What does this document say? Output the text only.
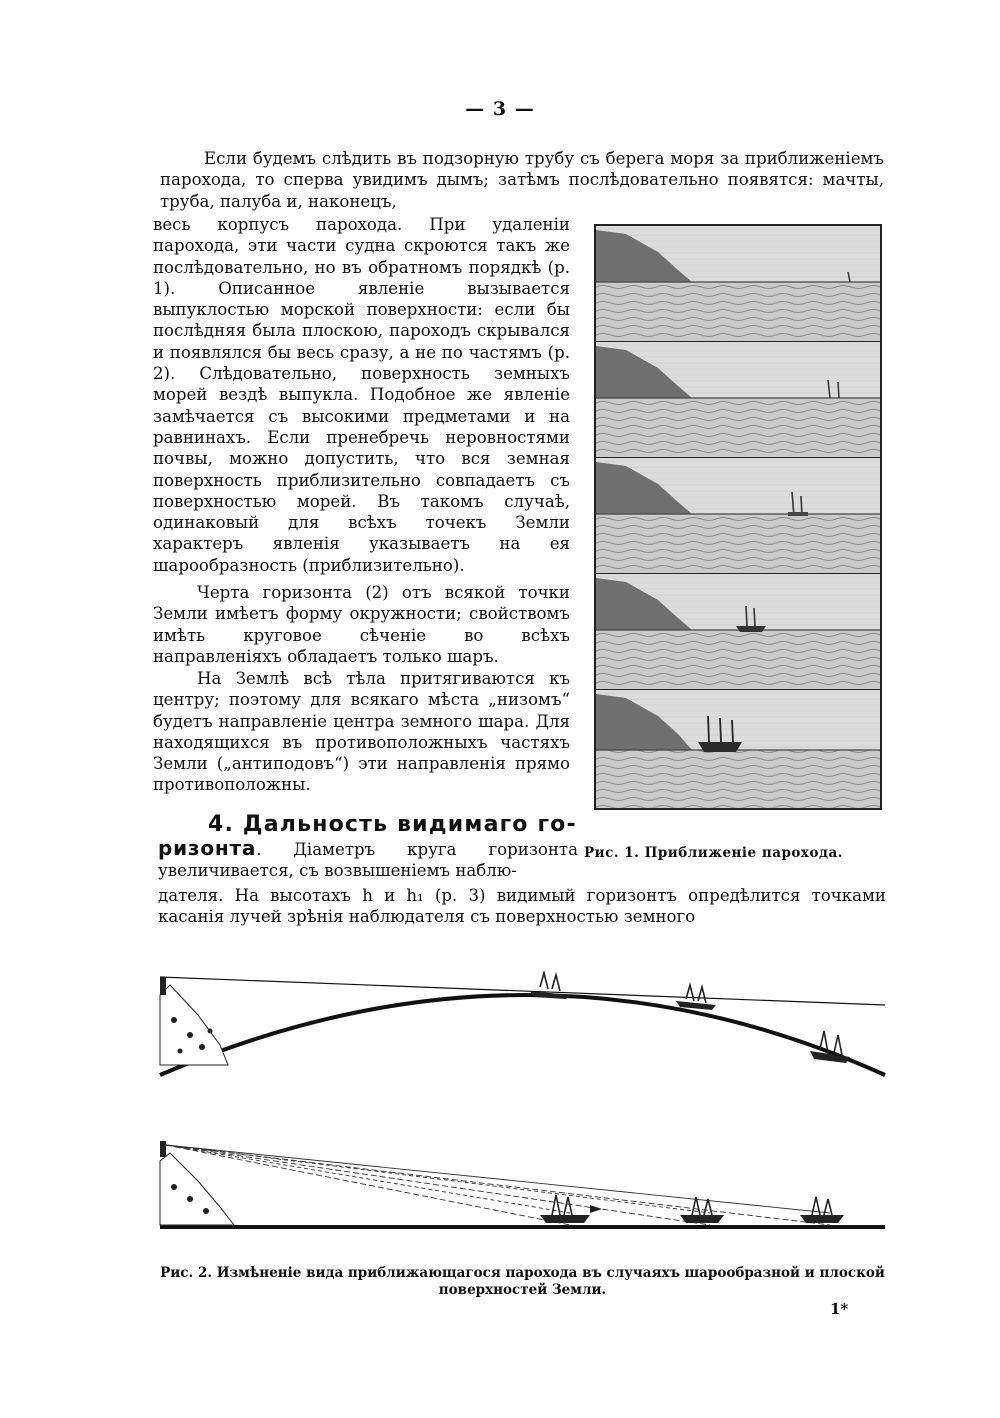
— 3 —

Если будемъ слѣдить въ подзорную трубу съ берега моря за приближеніемъ парохода, то сперва увидимъ дымъ; затѣмъ послѣдовательно появятся: мачты, труба, палуба и, наконецъ,

весь корпусъ парохода. При удаленіи парохода, эти части судна скроются такъ же послѣдовательно, но въ обратномъ порядкѣ (р. 1). Описанное явленіе вызывается выпуклостью морской поверхности: если бы послѣдняя была плоскою, пароходъ скрывался и появлялся бы весь сразу, а не по частямъ (р. 2). Слѣдовательно, поверхность земныхъ морей вездѣ выпукла. Подобное же явленіе замѣчается съ высокими предметами и на равнинахъ. Если пренебречь неровностями почвы, можно допустить, что вся земная поверхность приблизительно совпадаетъ съ поверхностью морей. Въ такомъ случаѣ, одинаковый для всѣхъ точекъ Земли характеръ явленія указываетъ на ея шарообразность (приблизительно).

Черта горизонта (2) отъ всякой точки Земли имѣетъ форму окружности; свойствомъ имѣть круговое сѣченіе во всѣхъ направленіяхъ обладаетъ только шаръ.

На Землѣ всѣ тѣла притягиваются къ центру; поэтому для всякаго мѣста „низомъ“ будетъ направленіе центра земного шара. Для находящихся въ противоположныхъ частяхъ Земли („антиподовъ“) эти направленія прямо противоположны.

4. Дальность видимаго го-

ризонта. Діаметръ круга горизонта увеличивается, съ возвышеніемъ наблю-

дателя. На высотахъ h и h₁ (р. 3) видимый горизонтъ опредѣлится точками касанія лучей зрѣнія наблюдателя съ поверхностью земного

Рис. 1. Приближеніе парохода.
Рис. 2. Измѣненіе вида приближающагося парохода въ случаяхъ шарообразной и плоской поверхностей Земли.
1*
